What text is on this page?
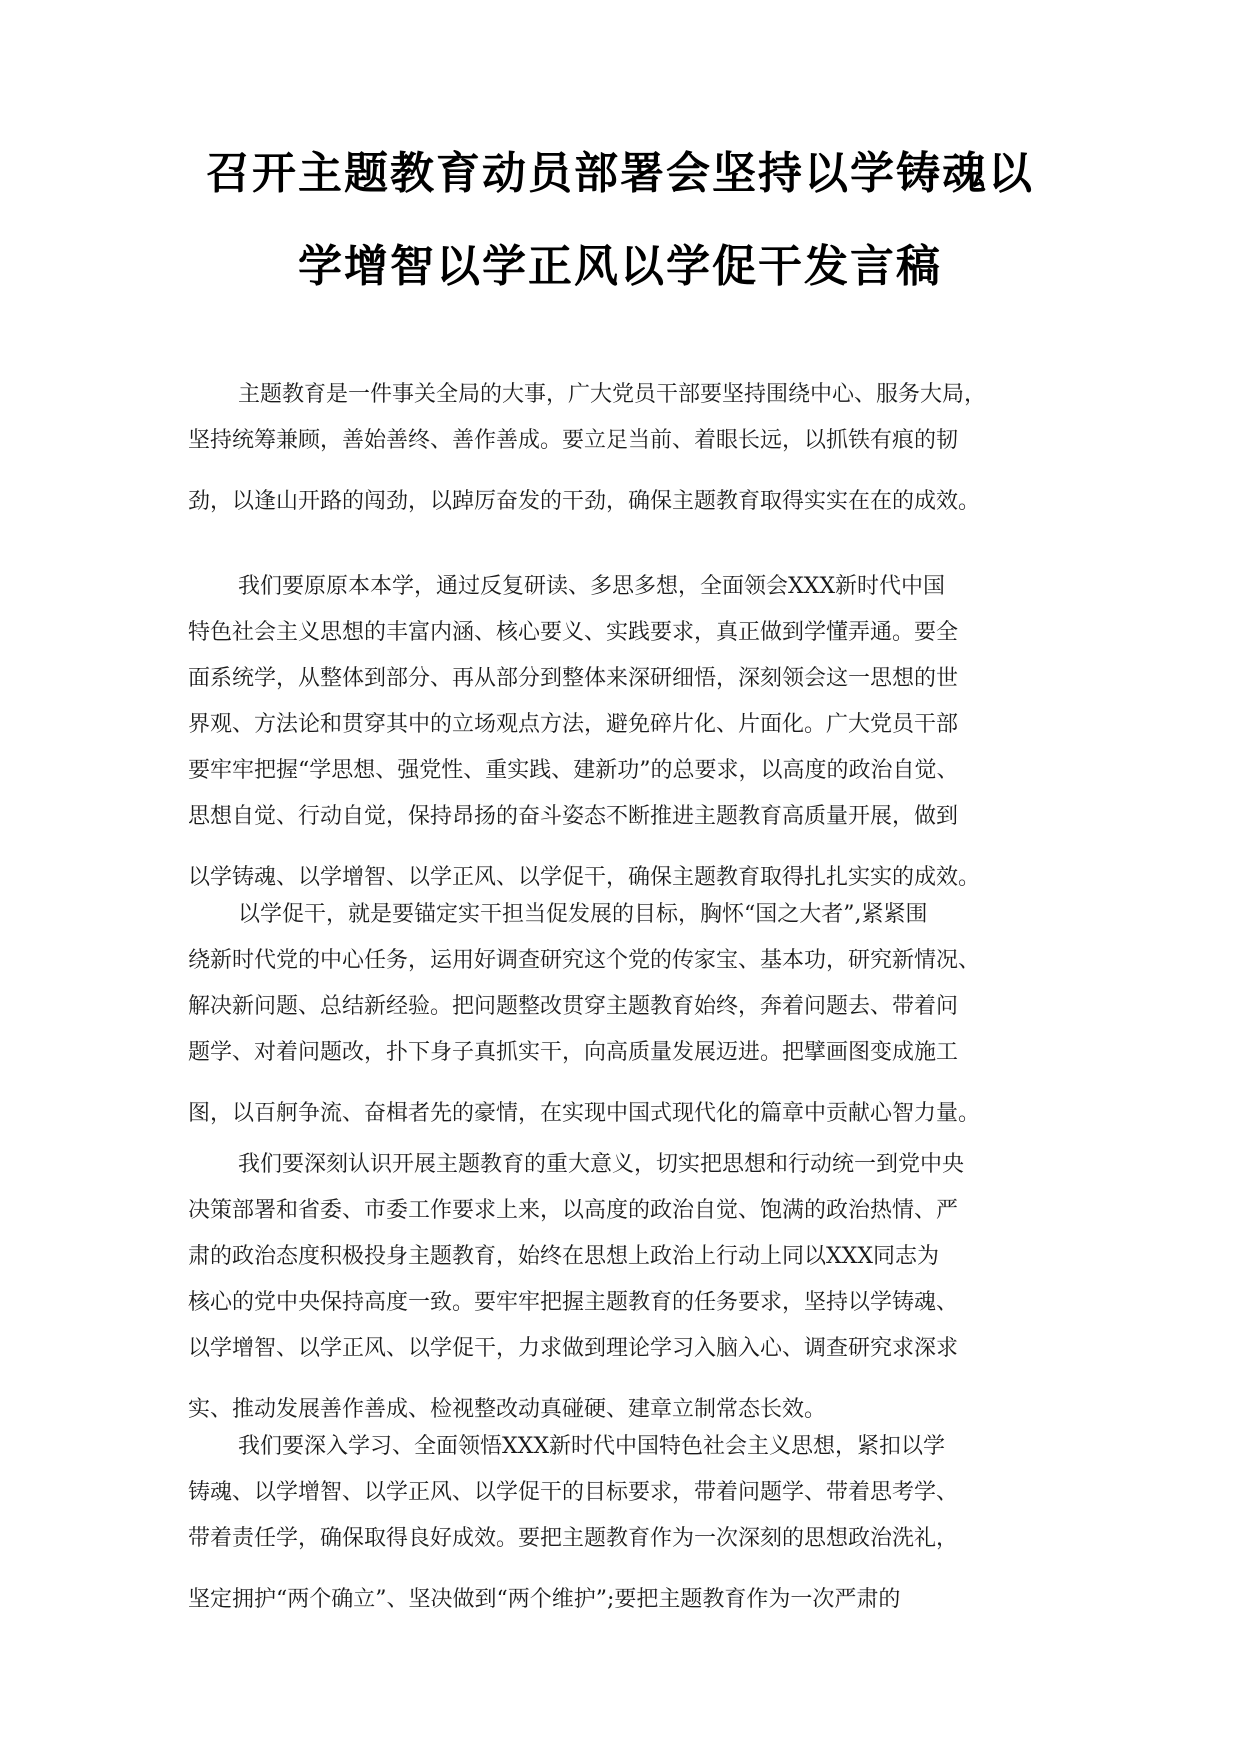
召开主题教育动员部署会坚持以学铸魂以
学增智以学正风以学促干发言稿
主题教育是一件事关全局的大事，广大党员干部要坚持围绕中心、服务大局，
坚持统筹兼顾，善始善终、善作善成。要立足当前、着眼长远，以抓铁有痕的韧
劲，以逢山开路的闯劲，以踔厉奋发的干劲，确保主题教育取得实实在在的成效。
我们要原原本本学，通过反复研读、多思多想，全面领会XXX新时代中国
特色社会主义思想的丰富内涵、核心要义、实践要求，真正做到学懂弄通。要全
面系统学，从整体到部分、再从部分到整体来深研细悟，深刻领会这一思想的世
界观、方法论和贯穿其中的立场观点方法，避免碎片化、片面化。广大党员干部
要牢牢把握“学思想、强党性、重实践、建新功”的总要求，以高度的政治自觉、
思想自觉、行动自觉，保持昂扬的奋斗姿态不断推进主题教育高质量开展，做到
以学铸魂、以学增智、以学正风、以学促干，确保主题教育取得扎扎实实的成效。
以学促干，就是要锚定实干担当促发展的目标，胸怀“国之大者”,紧紧围
绕新时代党的中心任务，运用好调查研究这个党的传家宝、基本功，研究新情况、
解决新问题、总结新经验。把问题整改贯穿主题教育始终，奔着问题去、带着问
题学、对着问题改，扑下身子真抓实干，向高质量发展迈进。把擘画图变成施工
图，以百舸争流、奋楫者先的豪情，在实现中国式现代化的篇章中贡献心智力量。
我们要深刻认识开展主题教育的重大意义，切实把思想和行动统一到党中央
决策部署和省委、市委工作要求上来，以高度的政治自觉、饱满的政治热情、严
肃的政治态度积极投身主题教育，始终在思想上政治上行动上同以XXX同志为
核心的党中央保持高度一致。要牢牢把握主题教育的任务要求，坚持以学铸魂、
以学增智、以学正风、以学促干，力求做到理论学习入脑入心、调查研究求深求
实、推动发展善作善成、检视整改动真碰硬、建章立制常态长效。
我们要深入学习、全面领悟XXX新时代中国特色社会主义思想，紧扣以学
铸魂、以学增智、以学正风、以学促干的目标要求，带着问题学、带着思考学、
带着责任学，确保取得良好成效。要把主题教育作为一次深刻的思想政治洗礼，
坚定拥护“两个确立”、坚决做到“两个维护”;要把主题教育作为一次严肃的
